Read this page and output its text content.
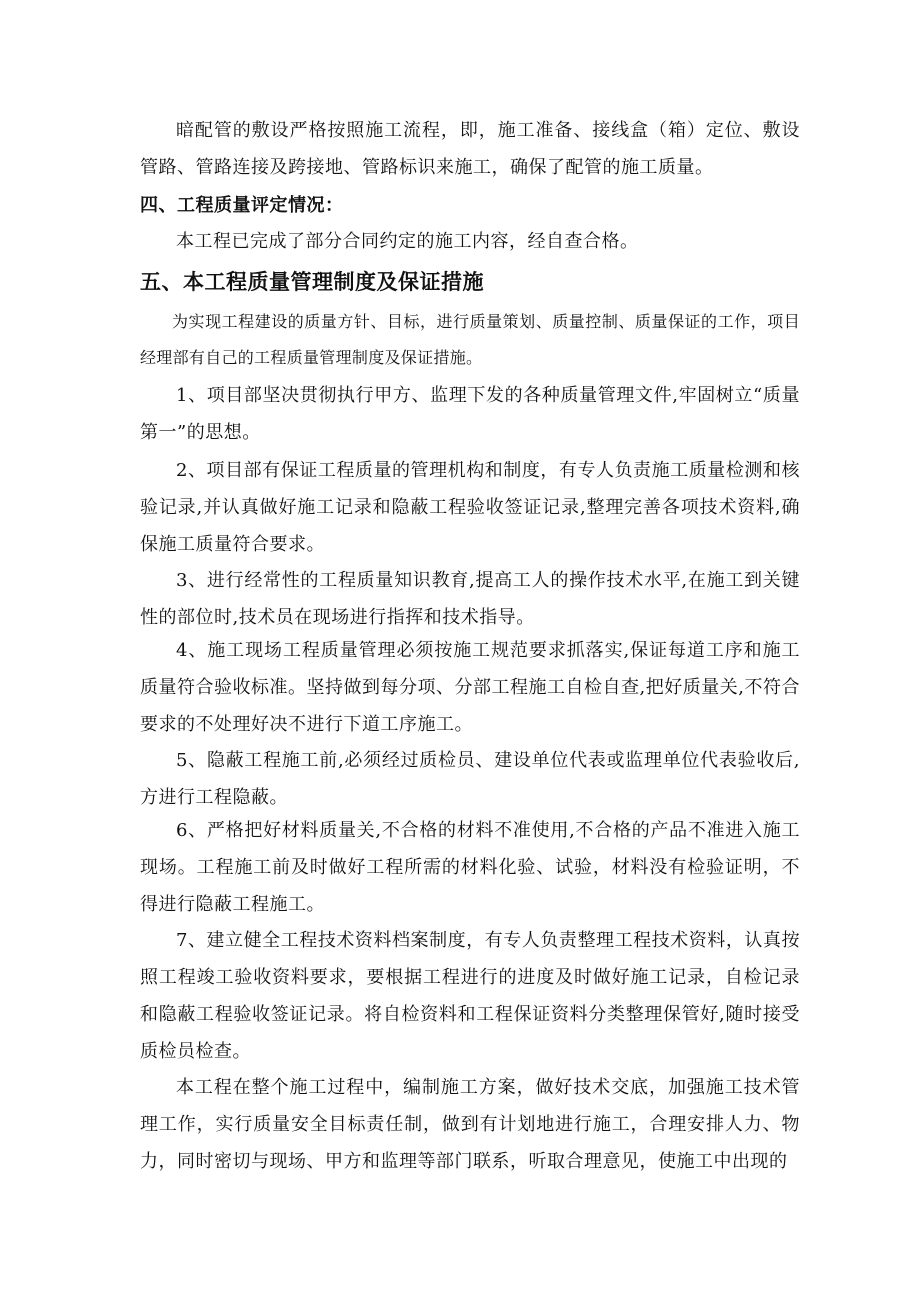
暗配管的敷设严格按照施工流程，即，施工准备、接线盒（箱）定位、敷设管路、管路连接及跨接地、管路标识来施工，确保了配管的施工质量。

四、工程质量评定情况：

本工程已完成了部分合同约定的施工内容，经自查合格。

五、本工程质量管理制度及保证措施

为实现工程建设的质量方针、目标，进行质量策划、质量控制、质量保证的工作，项目经理部有自己的工程质量管理制度及保证措施。

1、项目部坚决贯彻执行甲方、监理下发的各种质量管理文件,牢固树立“质量第一”的思想。

2、项目部有保证工程质量的管理机构和制度，有专人负责施工质量检测和核验记录,并认真做好施工记录和隐蔽工程验收签证记录,整理完善各项技术资料,确保施工质量符合要求。

3、进行经常性的工程质量知识教育,提高工人的操作技术水平,在施工到关键性的部位时,技术员在现场进行指挥和技术指导。

4、施工现场工程质量管理必须按施工规范要求抓落实,保证每道工序和施工质量符合验收标准。坚持做到每分项、分部工程施工自检自查,把好质量关,不符合要求的不处理好决不进行下道工序施工。

5、隐蔽工程施工前,必须经过质检员、建设单位代表或监理单位代表验收后,方进行工程隐蔽。

6、严格把好材料质量关,不合格的材料不准使用,不合格的产品不准进入施工现场。工程施工前及时做好工程所需的材料化验、试验，材料没有检验证明，不得进行隐蔽工程施工。

7、建立健全工程技术资料档案制度，有专人负责整理工程技术资料，认真按照工程竣工验收资料要求，要根据工程进行的进度及时做好施工记录，自检记录和隐蔽工程验收签证记录。将自检资料和工程保证资料分类整理保管好,随时接受质检员检查。

本工程在整个施工过程中，编制施工方案，做好技术交底，加强施工技术管理工作，实行质量安全目标责任制，做到有计划地进行施工，合理安排人力、物力，同时密切与现场、甲方和监理等部门联系，听取合理意见，使施工中出现的
